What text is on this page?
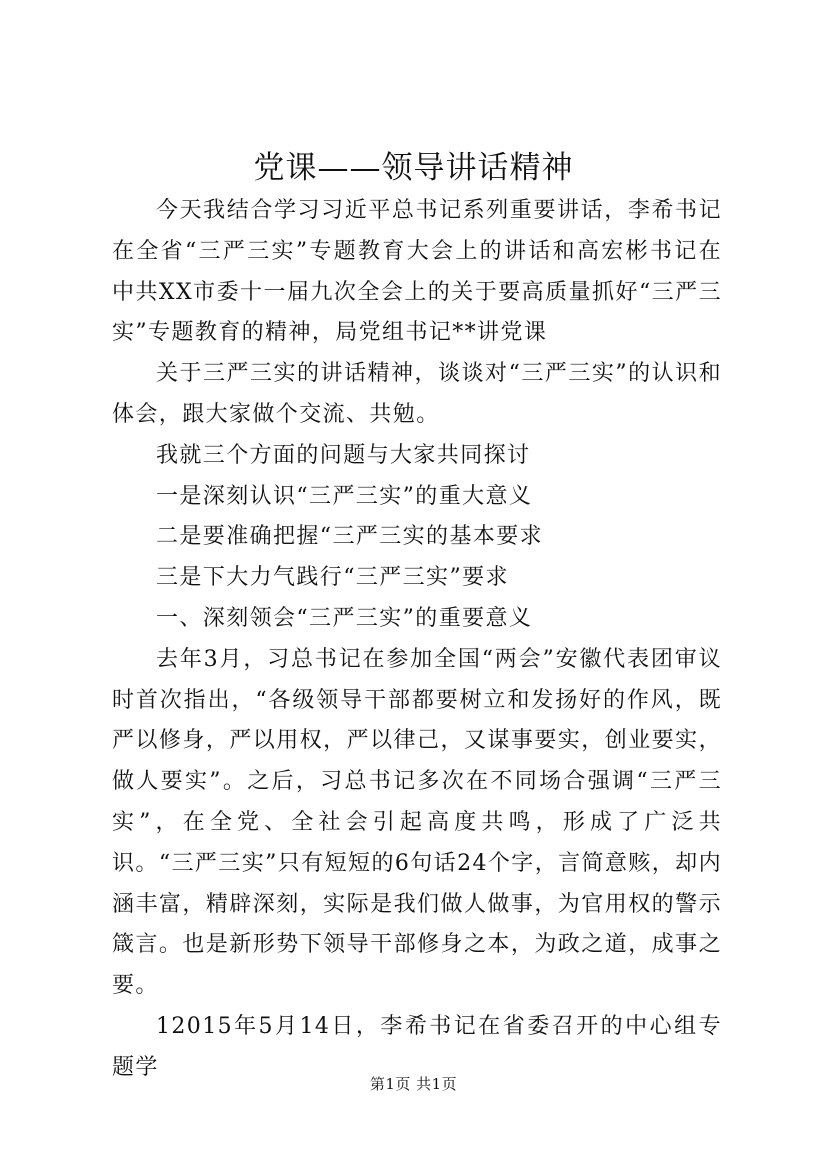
党课——领导讲话精神

今天我结合学习习近平总书记系列重要讲话，李希书记在全省“三严三实”专题教育大会上的讲话和高宏彬书记在中共XX市委十一届九次全会上的关于要高质量抓好“三严三实”专题教育的精神，局党组书记**讲党课

关于三严三实的讲话精神，谈谈对“三严三实”的认识和体会，跟大家做个交流、共勉。

我就三个方面的问题与大家共同探讨

一是深刻认识“三严三实”的重大意义

二是要准确把握“三严三实的基本要求

三是下大力气践行“三严三实”要求

一、深刻领会“三严三实”的重要意义

去年3月，习总书记在参加全国“两会”安徽代表团审议时首次指出，“各级领导干部都要树立和发扬好的作风，既严以修身，严以用权，严以律己，又谋事要实，创业要实，做人要实”。之后，习总书记多次在不同场合强调“三严三实”，在全党、全社会引起高度共鸣，形成了广泛共识。“三严三实”只有短短的6句话24个字，言简意赅，却内涵丰富，精辟深刻，实际是我们做人做事，为官用权的警示箴言。也是新形势下领导干部修身之本，为政之道，成事之要。

12015年5月14日，李希书记在省委召开的中心组专题学

第1页 共1页
